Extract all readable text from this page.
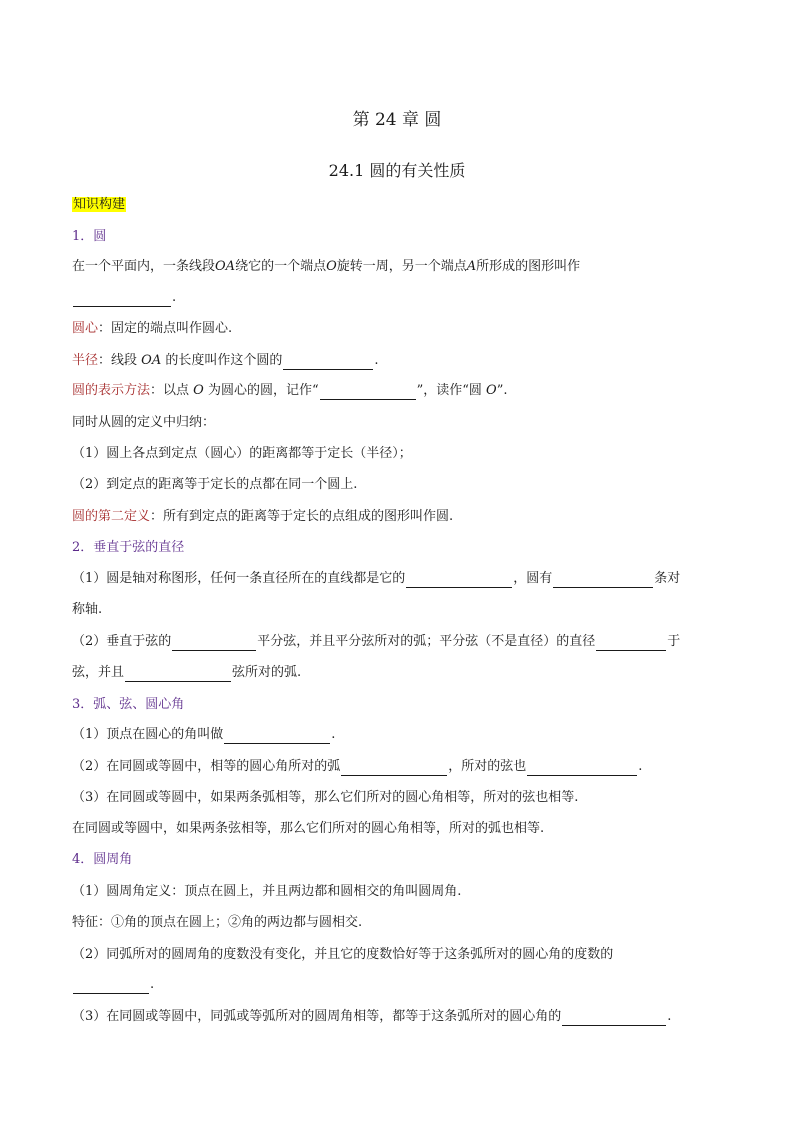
第 24 章 圆
24.1 圆的有关性质
知识构建
1．圆
在一个平面内，一条线段OA绕它的一个端点O旋转一周，另一个端点A所形成的图形叫作
.
圆心：固定的端点叫作圆心.
半径：线段 OA 的长度叫作这个圆的	.
圆的表示方法：以点 O 为圆心的圆，记作“	”，读作“圆 O”.
同时从圆的定义中归纳：
（1）圆上各点到定点（圆心）的距离都等于定长（半径）；
（2）到定点的距离等于定长的点都在同一个圆上.
圆的第二定义：所有到定点的距离等于定长的点组成的图形叫作圆.
2．垂直于弦的直径
（1）圆是轴对称图形，任何一条直径所在的直线都是它的	，圆有	条对
称轴.
（2）垂直于弦的	平分弦，并且平分弦所对的弧；平分弦（不是直径）的直径	于
弦，并且	弦所对的弧.
3．弧、弦、圆心角
（1）顶点在圆心的角叫做	.
（2）在同圆或等圆中，相等的圆心角所对的弧	，所对的弦也	.
（3）在同圆或等圆中，如果两条弧相等，那么它们所对的圆心角相等，所对的弦也相等.
在同圆或等圆中，如果两条弦相等，那么它们所对的圆心角相等，所对的弧也相等.
4．圆周角
（1）圆周角定义：顶点在圆上，并且两边都和圆相交的角叫圆周角.
特征：①角的顶点在圆上；②角的两边都与圆相交.
（2）同弧所对的圆周角的度数没有变化，并且它的度数恰好等于这条弧所对的圆心角的度数的
.
（3）在同圆或等圆中，同弧或等弧所对的圆周角相等，都等于这条弧所对的圆心角的	.
